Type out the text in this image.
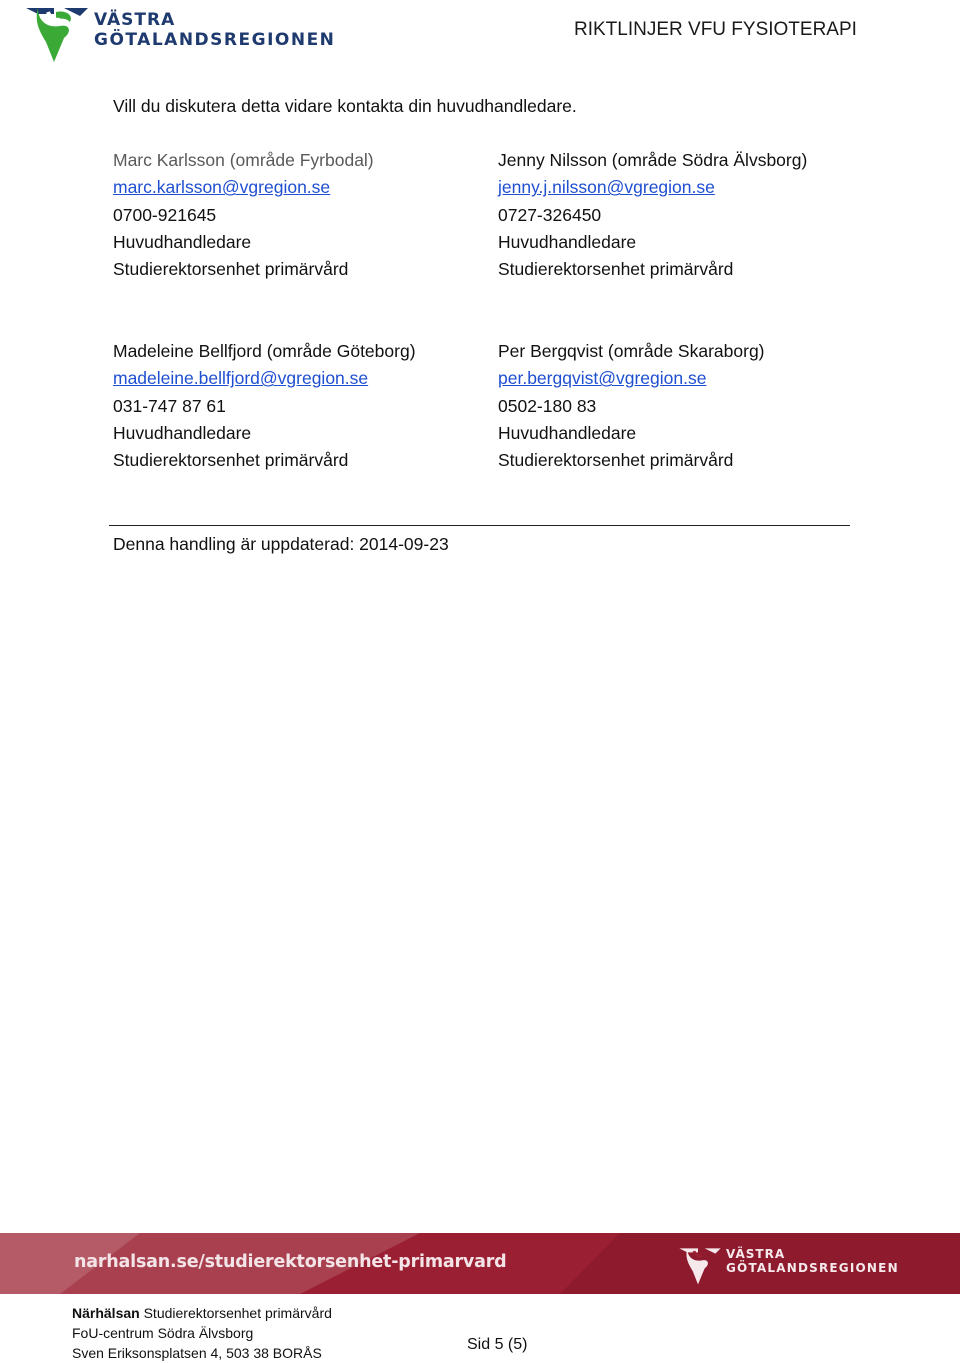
VÄSTRA
GÖTALANDSREGIONEN	RIKTLINJER VFU FYSIOTERAPI
Vill du diskutera detta vidare kontakta din huvudhandledare.
Marc Karlsson (område Fyrbodal)
marc.karlsson@vgregion.se
0700-921645
Huvudhandledare
Studierektorsenhet primärvård
Jenny Nilsson (område Södra Älvsborg)
jenny.j.nilsson@vgregion.se
0727-326450
Huvudhandledare
Studierektorsenhet primärvård
Madeleine Bellfjord (område Göteborg)
madeleine.bellfjord@vgregion.se
031-747 87 61
Huvudhandledare
Studierektorsenhet primärvård
Per Bergqvist (område Skaraborg)
per.bergqvist@vgregion.se
0502-180 83
Huvudhandledare
Studierektorsenhet primärvård
Denna handling är uppdaterad: 2014-09-23
narhalsan.se/studierektorsenhet-primarvard	VÄSTRA
GÖTALANDSREGIONEN
Närhälsan Studierektorsenhet primärvård
FoU-centrum Södra Älvsborg
Sven Eriksonsplatsen 4, 503 38 BORÅS	Sid 5 (5)
